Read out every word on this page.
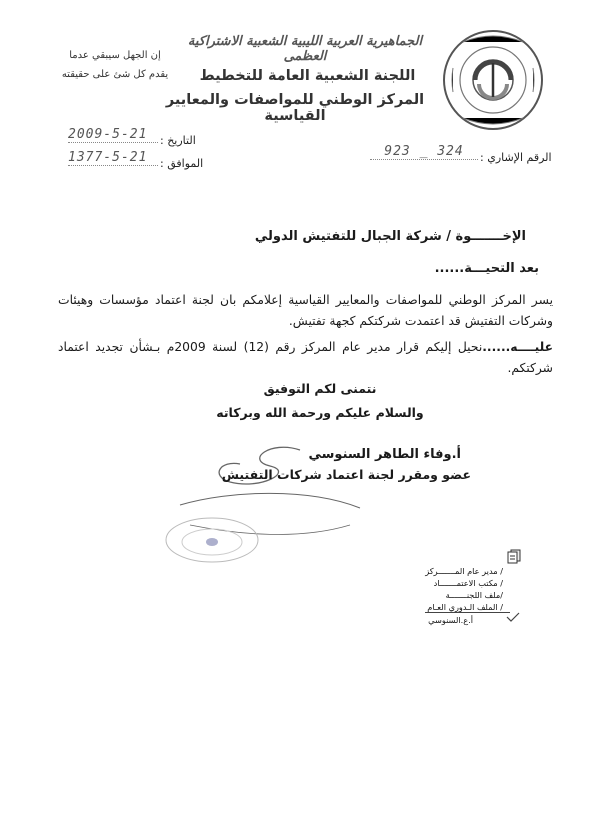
إن الجهل سيبقي عدما
يقدم كل شئ على حقيقته
الجماهيرية العربية الليبية الشعبية الاشتراكية العظمى
اللجنة الشعبية العامة للتخطيط
المركز الوطني للمواصفات والمعايير القياسية
التاريخ :
2009-5-21
الموافق :
1377-5-21	الرقم الإشاري :
923 _ 324
الإخـــــــوة / شركة الجبال للتفتيش الدولي
بعد التحيـــة......
يسر المركز الوطني للمواصفات والمعايير القياسية إعلامكم بان لجنة اعتماد مؤسسات وهيئات وشركات التفتيش قد اعتمدت شركتكم كجهة تفتيش.
عليــــه......نحيل إليكم قرار مدير عام المركز رقم (12) لسنة 2009م بـشأن تجديد اعتماد شركتكم.
نتمنى لكم التوفيق
والسلام عليكم ورحمة الله وبركاته
أ.وفاء الطاهر السنوسي
عضو ومقرر لجنة اعتماد شركات التفتيش
/ مدير عام المـــــــركز
/ مكتب الاعتمـــــــاد
/ملف اللجنـــــــة
/ الملف الـدوري العـام
أ.ع.السنوسي
